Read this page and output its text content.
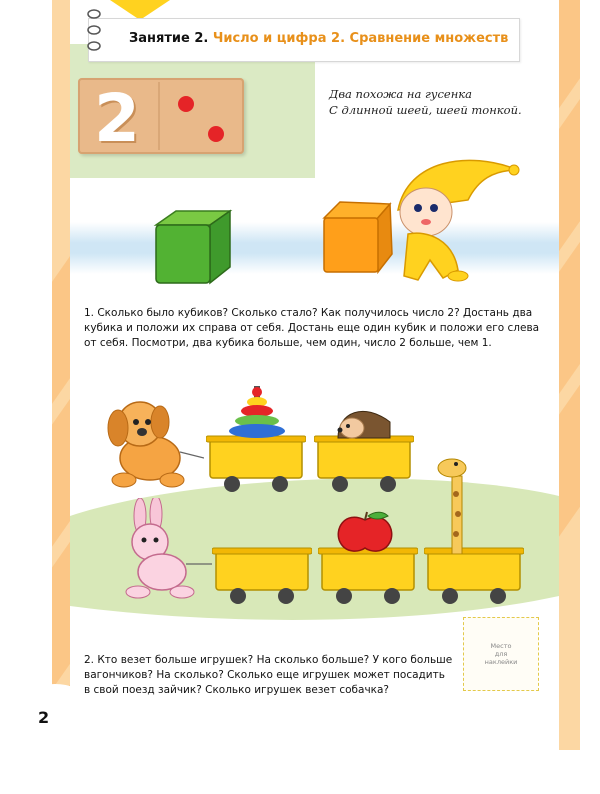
Занятие 2. Число и цифра 2. Сравнение множеств
2	Два похожа на гусенка
С длинной шеей, шеей тонкой.
1. Сколько было кубиков? Сколько стало? Как получилось число 2? Достань два
кубика и положи их справа от себя. Достань еще один кубик и положи его слева
от себя. Посмотри, два кубика больше, чем один, число 2 больше, чем 1.
Место
для
наклейки
2. Кто везет больше игрушек? На сколько больше? У кого больше
вагончиков? На сколько? Сколько еще игрушек может посадить
в свой поезд зайчик? Сколько игрушек везет собачка?
2
